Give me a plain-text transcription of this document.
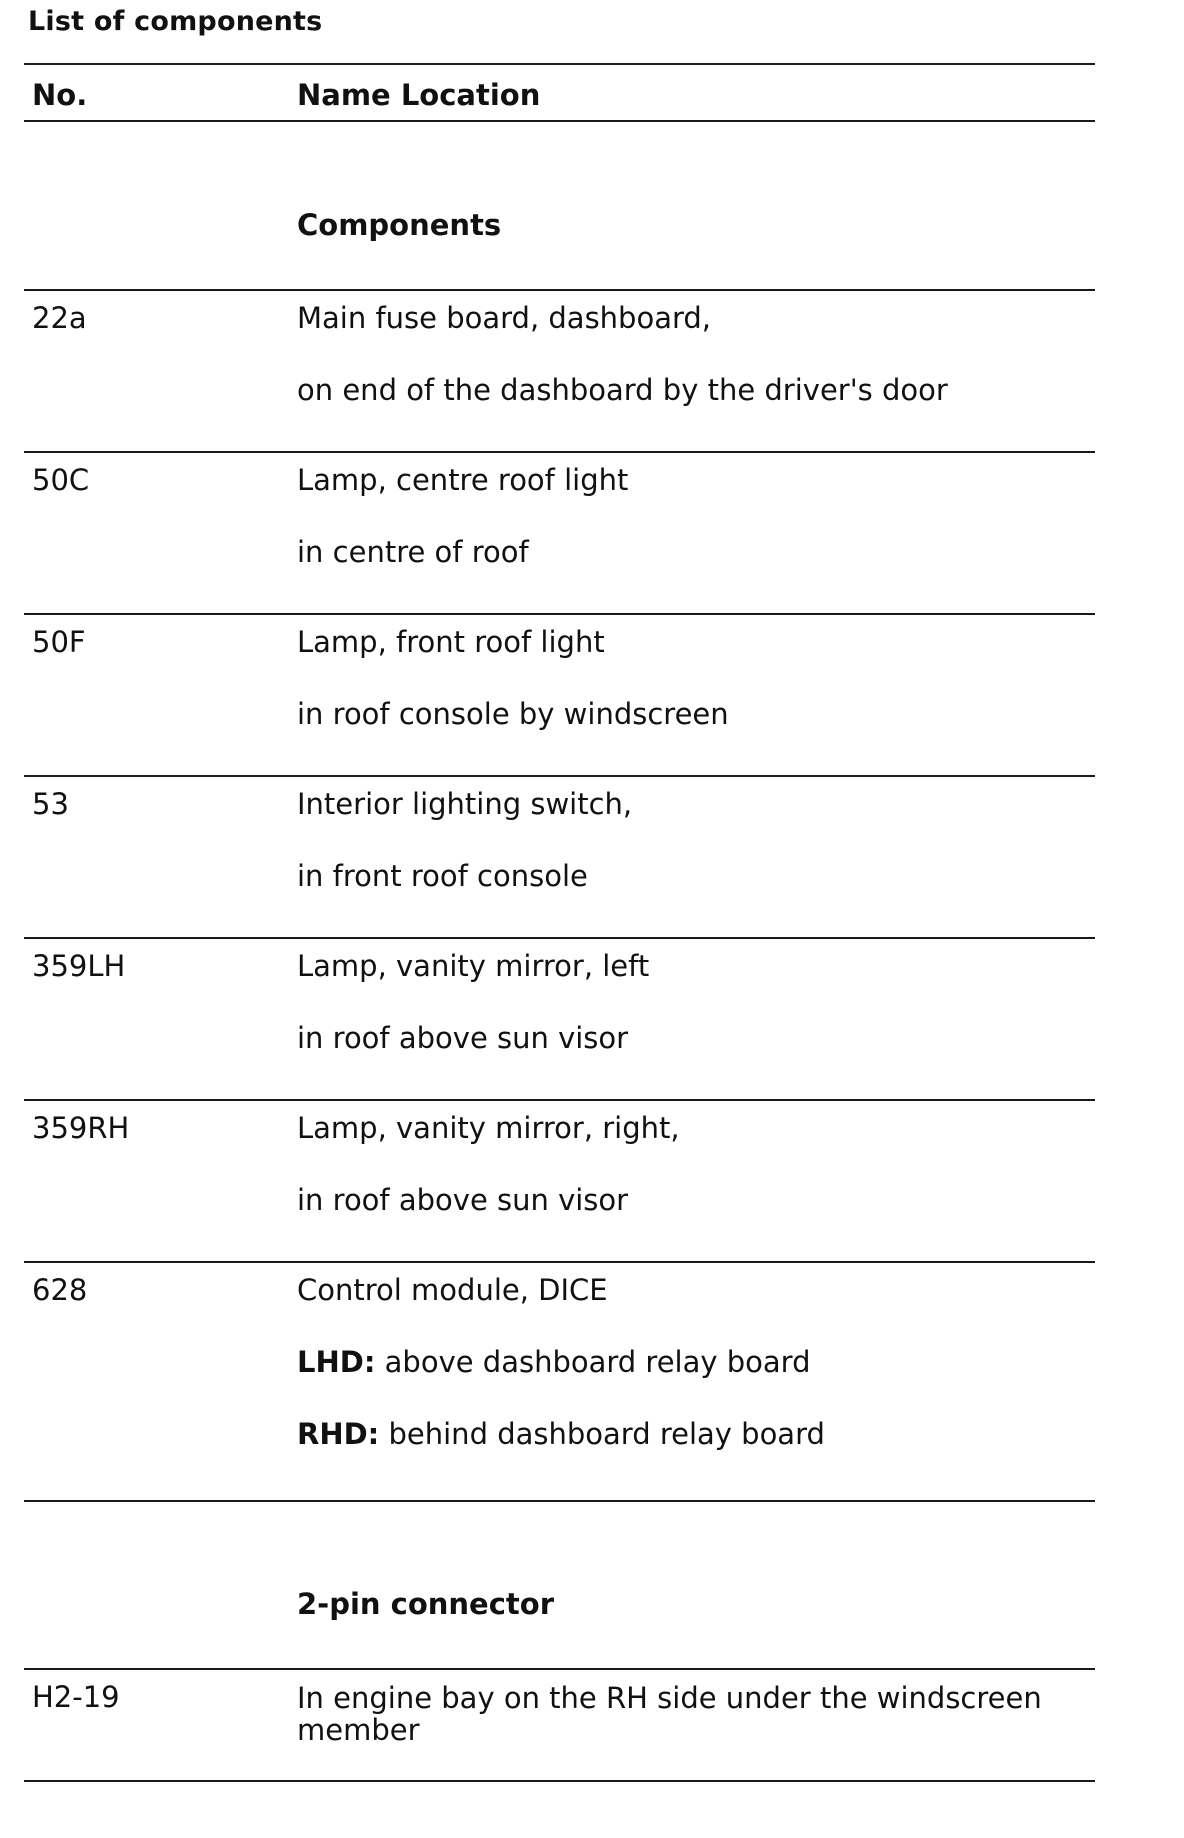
List of components
No.	Name Location
Components
22a	Main fuse board, dashboard,
on end of the dashboard by the driver's door
50C	Lamp, centre roof light
in centre of roof
50F	Lamp, front roof light
in roof console by windscreen
53	Interior lighting switch,
in front roof console
359LH	Lamp, vanity mirror, left
in roof above sun visor
359RH	Lamp, vanity mirror, right,
in roof above sun visor
628	Control module, DICE
LHD: above dashboard relay board
RHD: behind dashboard relay board
2-pin connector
H2-19	In engine bay on the RH side under the windscreen member
